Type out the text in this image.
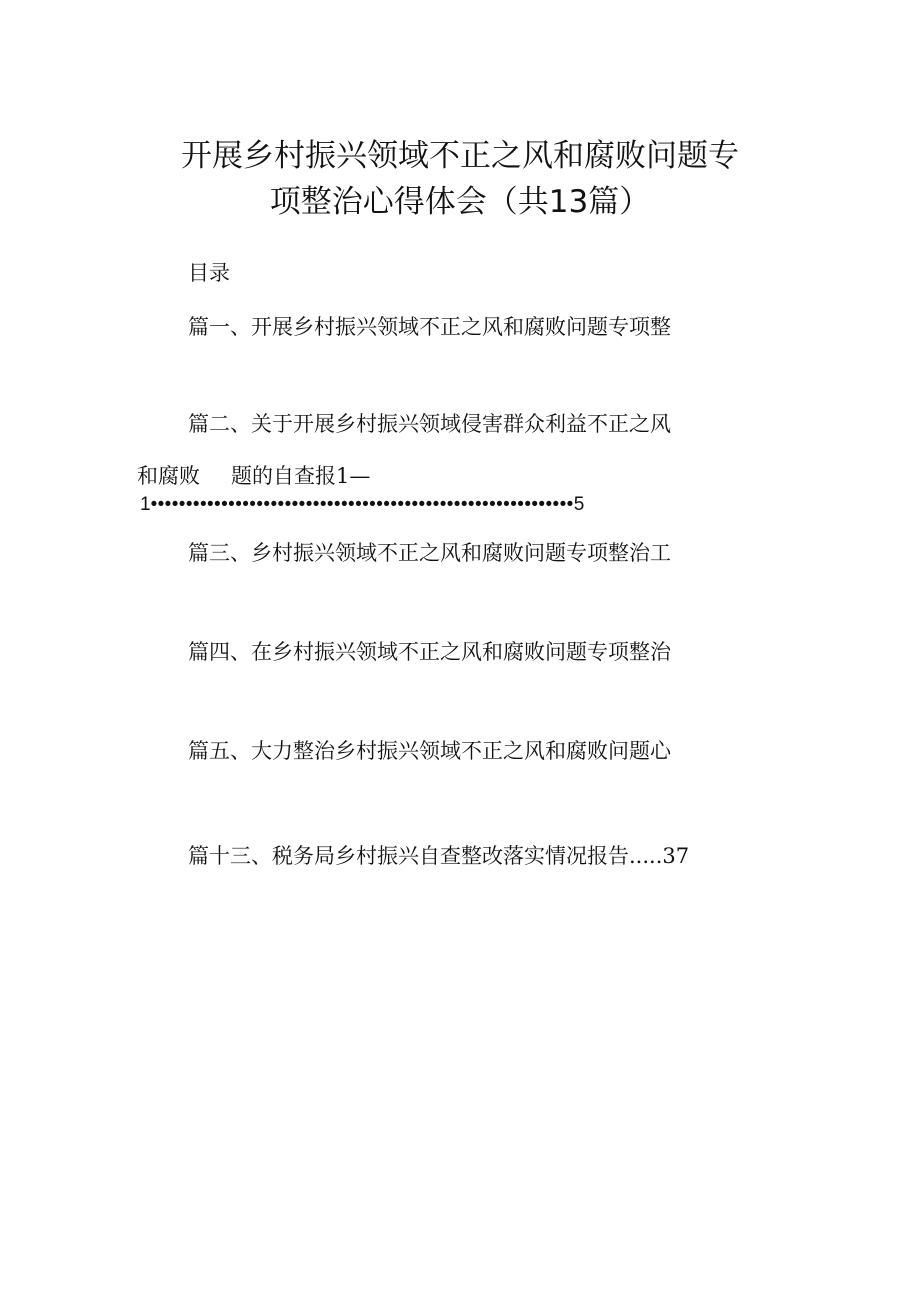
开展乡村振兴领域不正之风和腐败问题专
项整治心得体会（共13篇）
目录
篇一、开展乡村振兴领域不正之风和腐败问题专项整
篇二、关于开展乡村振兴领域侵害群众利益不正之风
和腐败 题的自查报1—
1••••••••••••••••••••••••••••••••••••••••••••••••••••••••••••5
篇三、乡村振兴领域不正之风和腐败问题专项整治工
篇四、在乡村振兴领域不正之风和腐败问题专项整治
篇五、大力整治乡村振兴领域不正之风和腐败问题心
篇十三、税务局乡村振兴自查整改落实情况报告.....37
